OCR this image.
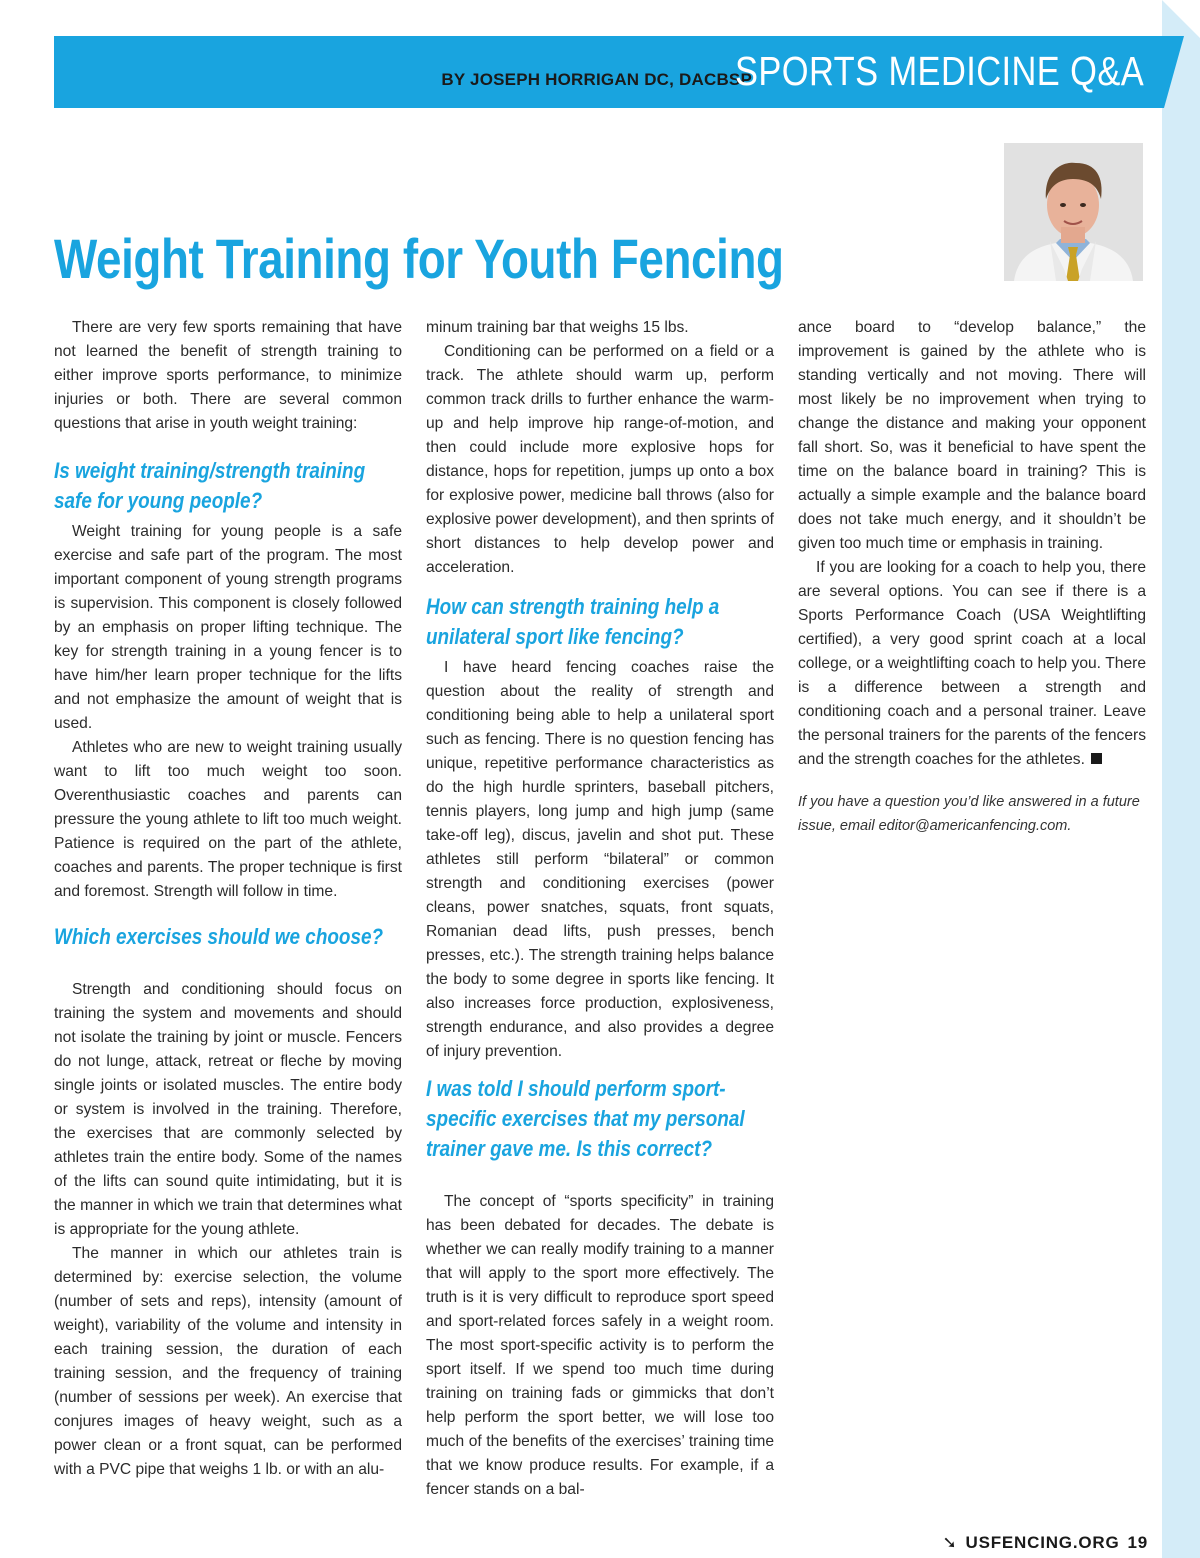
BY JOSEPH HORRIGAN DC, DACBSP
SPORTS MEDICINE Q&A
Weight Training for Youth Fencing

There are very few sports remaining that have not learned the benefit of strength training to either improve sports performance, to minimize injuries or both. There are several common questions that arise in youth weight training:

Is weight training/strength training safe for young people?

Weight training for young people is a safe exercise and safe part of the program. The most important component of young strength programs is supervision. This component is closely followed by an emphasis on proper lifting technique. The key for strength training in a young fencer is to have him/her learn proper technique for the lifts and not emphasize the amount of weight that is used.

Athletes who are new to weight training usually want to lift too much weight too soon. Overenthusiastic coaches and parents can pressure the young athlete to lift too much weight. Patience is required on the part of the athlete, coaches and parents. The proper technique is first and foremost. Strength will follow in time.

Which exercises should we choose?

Strength and conditioning should focus on training the system and movements and should not isolate the training by joint or muscle. Fencers do not lunge, attack, retreat or fleche by moving single joints or isolated muscles. The entire body or system is involved in the training. Therefore, the exercises that are commonly selected by athletes train the entire body. Some of the names of the lifts can sound quite intimidating, but it is the manner in which we train that determines what is appropriate for the young athlete.

The manner in which our athletes train is determined by: exercise selection, the volume (number of sets and reps), intensity (amount of weight), variability of the volume and intensity in each training session, the duration of each training session, and the frequency of training (number of sessions per week). An exercise that conjures images of heavy weight, such as a power clean or a front squat, can be performed with a PVC pipe that weighs 1 lb. or with an alu-

minum training bar that weighs 15 lbs.

Conditioning can be performed on a field or a track. The athlete should warm up, perform common track drills to further enhance the warm-up and help improve hip range-of-motion, and then could include more explosive hops for distance, hops for repetition, jumps up onto a box for explosive power, medicine ball throws (also for explosive power development), and then sprints of short distances to help develop power and acceleration.

How can strength training help a unilateral sport like fencing?

I have heard fencing coaches raise the question about the reality of strength and conditioning being able to help a unilateral sport such as fencing. There is no question fencing has unique, repetitive performance characteristics as do the high hurdle sprinters, baseball pitchers, tennis players, long jump and high jump (same take-off leg), discus, javelin and shot put. These athletes still perform “bilateral” or common strength and conditioning exercises (power cleans, power snatches, squats, front squats, Romanian dead lifts, push presses, bench presses, etc.). The strength training helps balance the body to some degree in sports like fencing. It also increases force production, explosiveness, strength endurance, and also provides a degree of injury prevention.

I was told I should perform sport-specific exercises that my personal trainer gave me. Is this correct?

The concept of “sports specificity” in training has been debated for decades. The debate is whether we can really modify training to a manner that will apply to the sport more effectively. The truth is it is very difficult to reproduce sport speed and sport-related forces safely in a weight room. The most sport-specific activity is to perform the sport itself. If we spend too much time during training on training fads or gimmicks that don’t help perform the sport better, we will lose too much of the benefits of the exercises’ training time that we know produce results. For example, if a fencer stands on a bal-

ance board to “develop balance,” the improvement is gained by the athlete who is standing vertically and not moving. There will most likely be no improvement when trying to change the distance and making your opponent fall short. So, was it beneficial to have spent the time on the balance board in training? This is actually a simple example and the balance board does not take much energy, and it shouldn’t be given too much time or emphasis in training.

If you are looking for a coach to help you, there are several options. You can see if there is a Sports Performance Coach (USA Weightlifting certified), a very good sprint coach at a local college, or a weightlifting coach to help you. There is a difference between a strength and conditioning coach and a personal trainer. Leave the personal trainers for the parents of the fencers and the strength coaches for the athletes.

If you have a question you’d like answered in a future issue, email editor@americanfencing.com.
➘ USFENCING.ORG 19
